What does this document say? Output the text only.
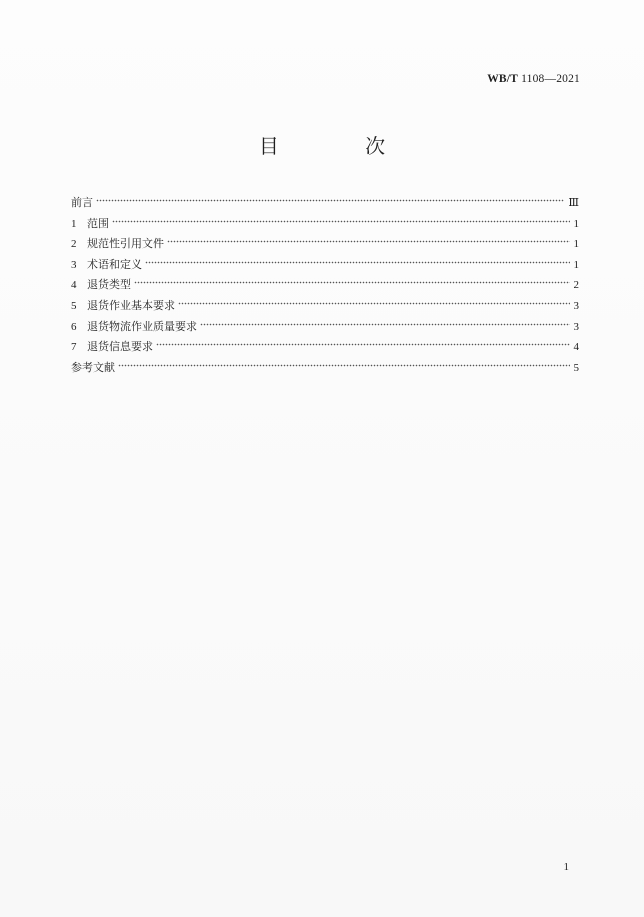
WB/T 1108—2021
目 次
前言	Ⅲ
1 范围	1
2 规范性引用文件	1
3 术语和定义	1
4 退货类型	2
5 退货作业基本要求	3
6 退货物流作业质量要求	3
7 退货信息要求	4
参考文献	5
1
